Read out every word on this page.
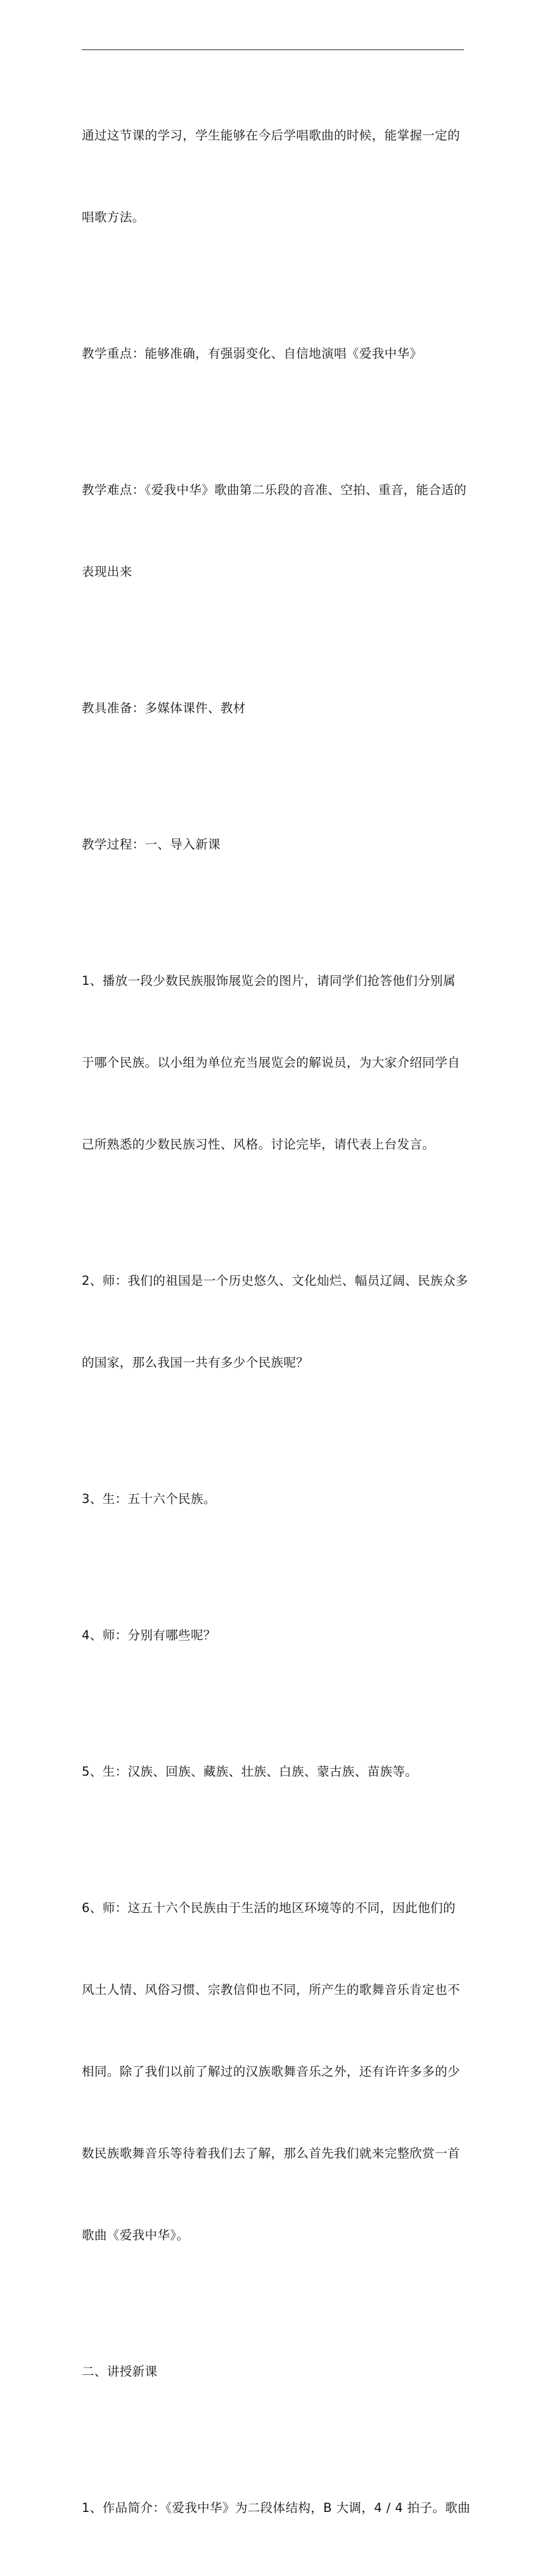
通过这节课的学习，学生能够在今后学唱歌曲的时候，能掌握一定的

唱歌方法。

教学重点：能够准确，有强弱变化、自信地演唱《爱我中华》

教学难点：《爱我中华》歌曲第二乐段的音准、空拍、重音，能合适的

表现出来

教具准备：多媒体课件、教材

教学过程：一、导入新课

1、播放一段少数民族服饰展览会的图片，请同学们抢答他们分别属

于哪个民族。以小组为单位充当展览会的解说员，为大家介绍同学自

己所熟悉的少数民族习性、风格。讨论完毕，请代表上台发言。

2、师：我们的祖国是一个历史悠久、文化灿烂、幅员辽阔、民族众多

的国家，那么我国一共有多少个民族呢？

3、生：五十六个民族。

4、师：分别有哪些呢？

5、生：汉族、回族、藏族、壮族、白族、蒙古族、苗族等。

6、师：这五十六个民族由于生活的地区环境等的不同，因此他们的

风土人情、风俗习惯、宗教信仰也不同，所产生的歌舞音乐肯定也不

相同。除了我们以前了解过的汉族歌舞音乐之外，还有许许多多的少

数民族歌舞音乐等待着我们去了解，那么首先我们就来完整欣赏一首

歌曲《爱我中华》。

二、讲授新课

1、作品简介：《爱我中华》为二段体结构，B 大调，4 / 4 拍子。歌曲
